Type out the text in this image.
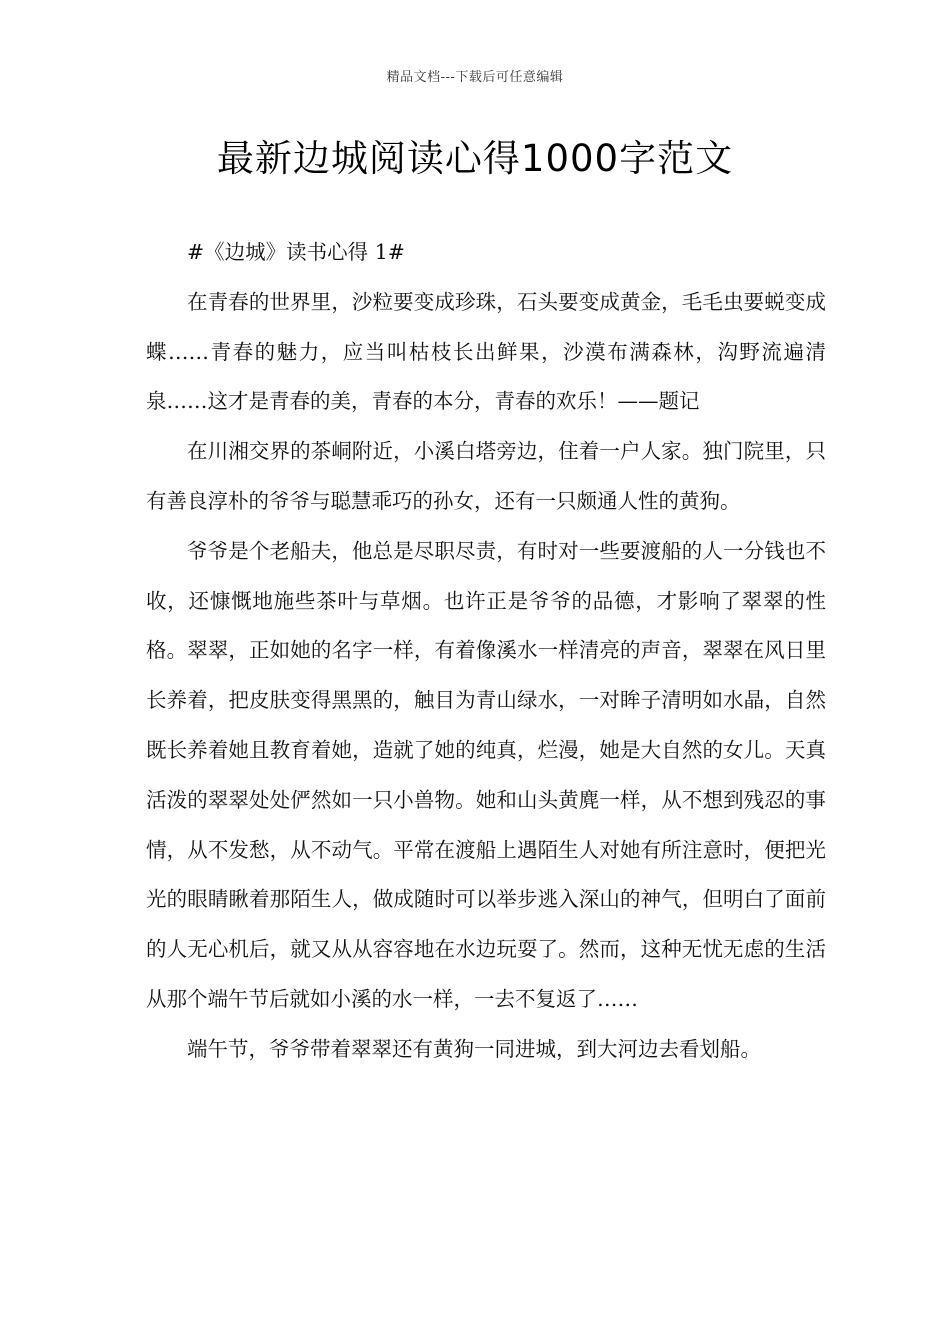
精品文档---下载后可任意编辑
最新边城阅读心得1000字范文

#《边城》读书心得 1#

在青春的世界里，沙粒要变成珍珠，石头要变成黄金，毛毛虫要蜕变成蝶……青春的魅力，应当叫枯枝长出鲜果，沙漠布满森林，沟野流遍清泉……这才是青春的美，青春的本分，青春的欢乐！——题记

在川湘交界的茶峒附近，小溪白塔旁边，住着一户人家。独门院里，只有善良淳朴的爷爷与聪慧乖巧的孙女，还有一只颇通人性的黄狗。

爷爷是个老船夫，他总是尽职尽责，有时对一些要渡船的人一分钱也不收，还慷慨地施些茶叶与草烟。也许正是爷爷的品德，才影响了翠翠的性格。翠翠，正如她的名字一样，有着像溪水一样清亮的声音，翠翠在风日里长养着，把皮肤变得黑黑的，触目为青山绿水，一对眸子清明如水晶，自然既长养着她且教育着她，造就了她的纯真，烂漫，她是大自然的女儿。天真活泼的翠翠处处俨然如一只小兽物。她和山头黄麂一样，从不想到残忍的事情，从不发愁，从不动气。平常在渡船上遇陌生人对她有所注意时，便把光光的眼睛瞅着那陌生人，做成随时可以举步逃入深山的神气，但明白了面前的人无心机后，就又从从容容地在水边玩耍了。然而，这种无忧无虑的生活从那个端午节后就如小溪的水一样，一去不复返了……

端午节，爷爷带着翠翠还有黄狗一同进城，到大河边去看划船。
